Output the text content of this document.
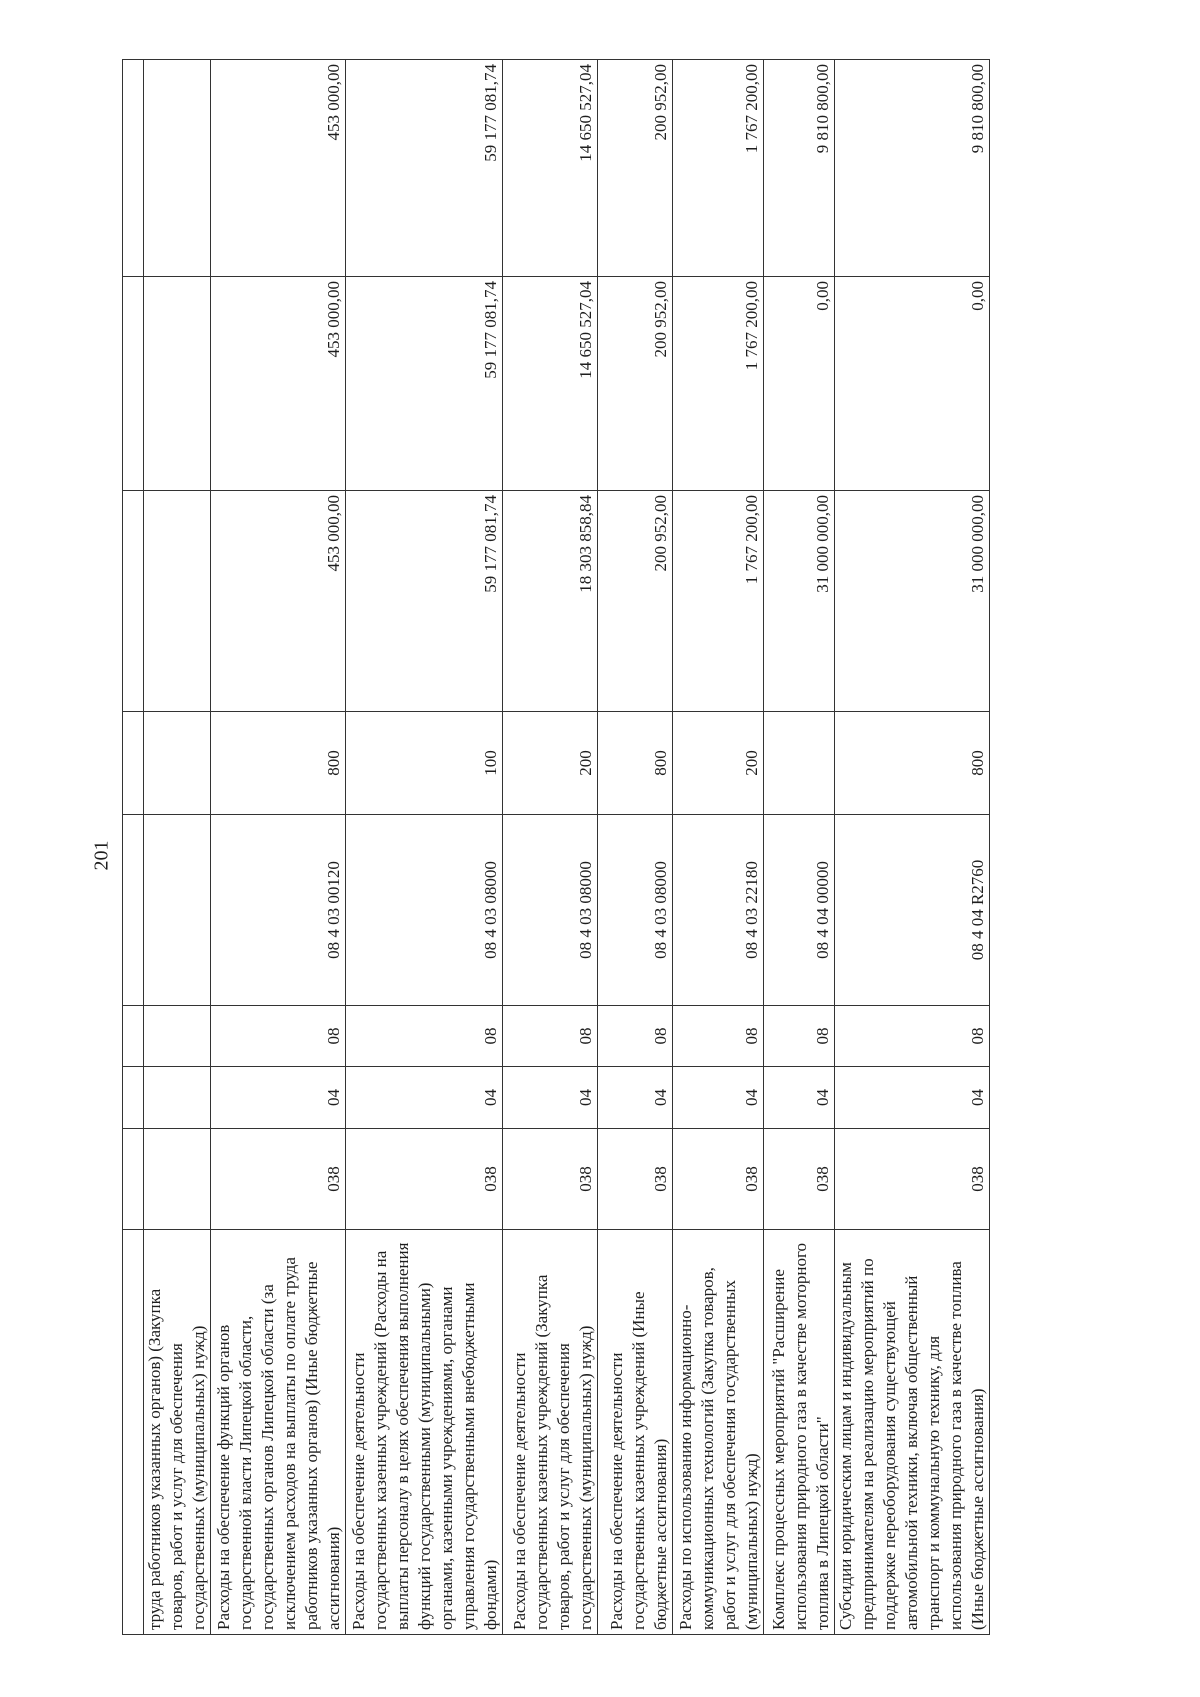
201

труда работников указанных органов) (Закупка товаров, работ и услуг для обеспечения государственных (муниципальных) нужд)								
Расходы на обеспечение функций органов государственной власти Липецкой области, государственных органов Липецкой области (за исключением расходов на выплаты по оплате труда работников указанных органов) (Иные бюджетные ассигнования)	038	04	08	08 4 03 00120	800	453 000,00	453 000,00	453 000,00
Расходы на обеспечение деятельности государственных казенных учреждений (Расходы на выплаты персоналу в целях обеспечения выполнения функций государственными (муниципальными) органами, казенными учреждениями, органами управления государственными внебюджетными фондами)	038	04	08	08 4 03 08000	100	59 177 081,74	59 177 081,74	59 177 081,74
Расходы на обеспечение деятельности государственных казенных учреждений (Закупка товаров, работ и услуг для обеспечения государственных (муниципальных) нужд)	038	04	08	08 4 03 08000	200	18 303 858,84	14 650 527,04	14 650 527,04
Расходы на обеспечение деятельности государственных казенных учреждений (Иные бюджетные ассигнования)	038	04	08	08 4 03 08000	800	200 952,00	200 952,00	200 952,00
Расходы по использованию информационно-коммуникационных технологий (Закупка товаров, работ и услуг для обеспечения государственных (муниципальных) нужд)	038	04	08	08 4 03 22180	200	1 767 200,00	1 767 200,00	1 767 200,00
Комплекс процессных мероприятий "Расширение использования природного газа в качестве моторного топлива в Липецкой области"	038	04	08	08 4 04 00000		31 000 000,00	0,00	9 810 800,00
Субсидии юридическим лицам и индивидуальным предпринимателям на реализацию мероприятий по поддержке переоборудования существующей автомобильной техники, включая общественный транспорт и коммунальную технику, для использования природного газа в качестве топлива (Иные бюджетные ассигнования)	038	04	08	08 4 04 R2760	800	31 000 000,00	0,00	9 810 800,00
